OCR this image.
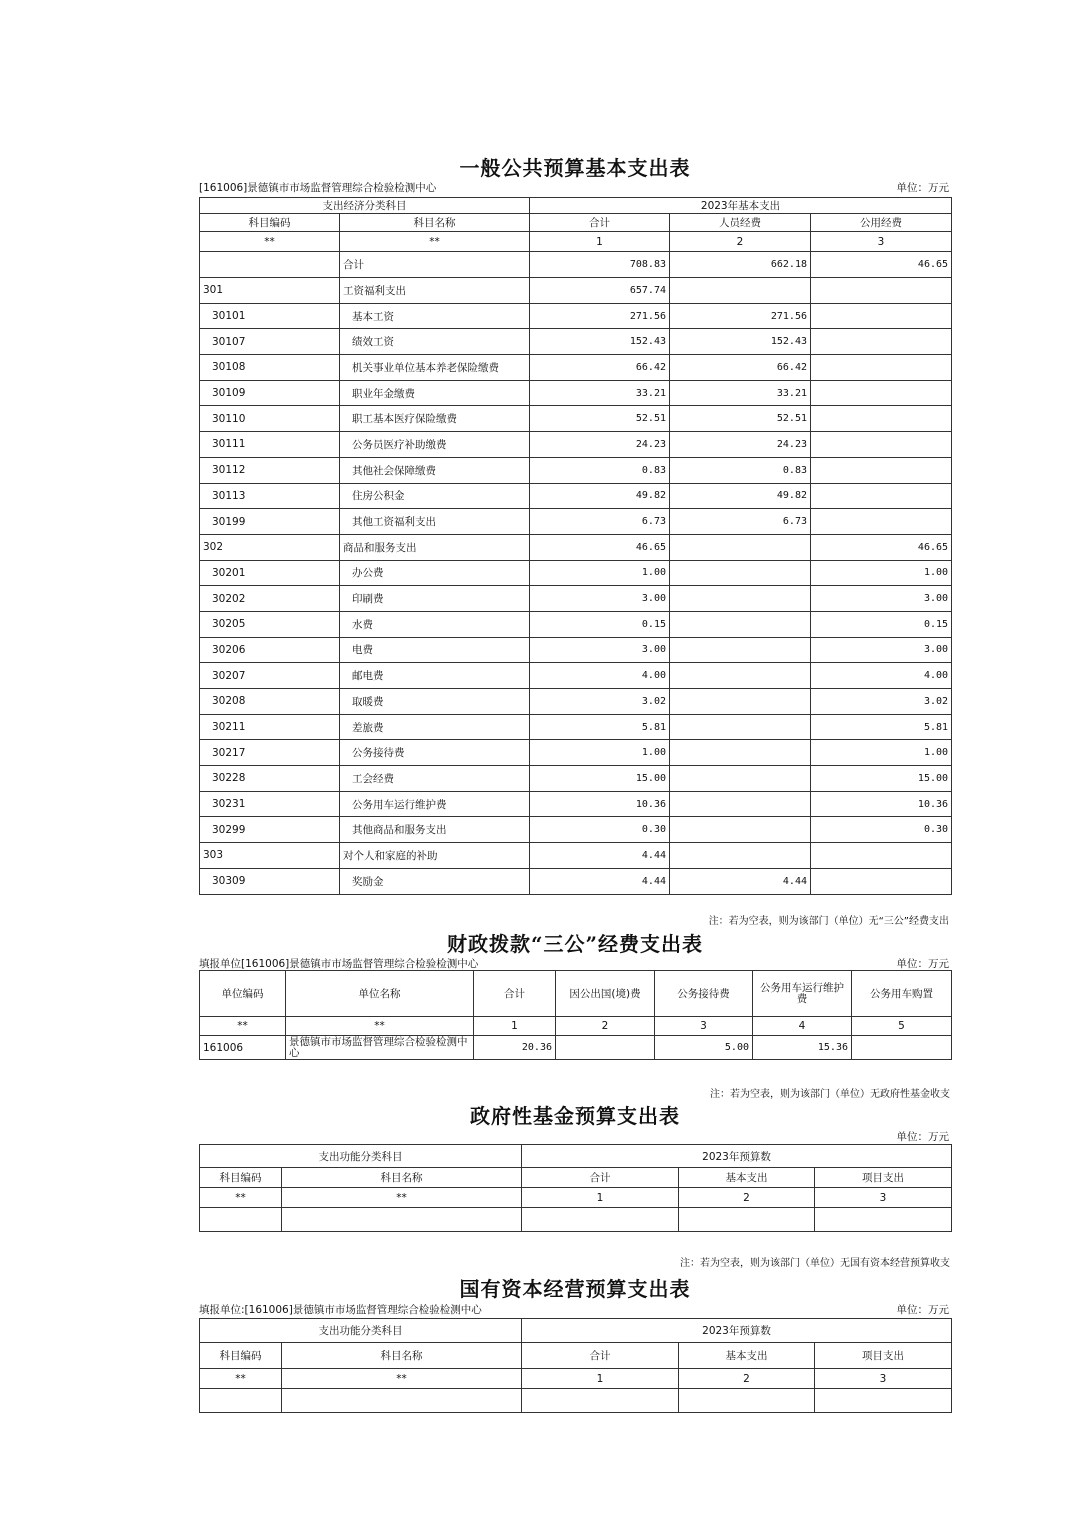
一般公共预算基本支出表
[161006]景德镇市市场监督管理综合检验检测中心	单位：万元
支出经济分类科目		2023年基本支出		
科目编码	科目名称	合计	人员经费	公用经费
**	**	1	2	3
	合计	708.83	662.18	46.65
301	工资福利支出	657.74		
30101	基本工资	271.56	271.56	
30107	绩效工资	152.43	152.43	
30108	机关事业单位基本养老保险缴费	66.42	66.42	
30109	职业年金缴费	33.21	33.21	
30110	职工基本医疗保险缴费	52.51	52.51	
30111	公务员医疗补助缴费	24.23	24.23	
30112	其他社会保障缴费	0.83	0.83	
30113	住房公积金	49.82	49.82	
30199	其他工资福利支出	6.73	6.73	
302	商品和服务支出	46.65		46.65
30201	办公费	1.00		1.00
30202	印刷费	3.00		3.00
30205	水费	0.15		0.15
30206	电费	3.00		3.00
30207	邮电费	4.00		4.00
30208	取暖费	3.02		3.02
30211	差旅费	5.81		5.81
30217	公务接待费	1.00		1.00
30228	工会经费	15.00		15.00
30231	公务用车运行维护费	10.36		10.36
30299	其他商品和服务支出	0.30		0.30
303	对个人和家庭的补助	4.44		
30309	奖励金	4.44	4.44	
注：若为空表，则为该部门（单位）无“三公”经费支出
财政拨款“三公”经费支出表
填报单位[161006]景德镇市市场监督管理综合检验检测中心	单位：万元
单位编码	单位名称	合计	因公出国(境)费	公务接待费	公务用车运行维护费	公务用车购置
**	**	1	2	3	4	5
161006	景德镇市市场监督管理综合检验检测中心	20.36		5.00	15.36	
注：若为空表，则为该部门（单位）无政府性基金收支
政府性基金预算支出表
单位：万元
支出功能分类科目		2023年预算数		
科目编码	科目名称	合计	基本支出	项目支出
**	**	1	2	3

注：若为空表，则为该部门（单位）无国有资本经营预算收支
国有资本经营预算支出表
填报单位:[161006]景德镇市市场监督管理综合检验检测中心	单位：万元
支出功能分类科目		2023年预算数		
科目编码	科目名称	合计	基本支出	项目支出
**	**	1	2	3
